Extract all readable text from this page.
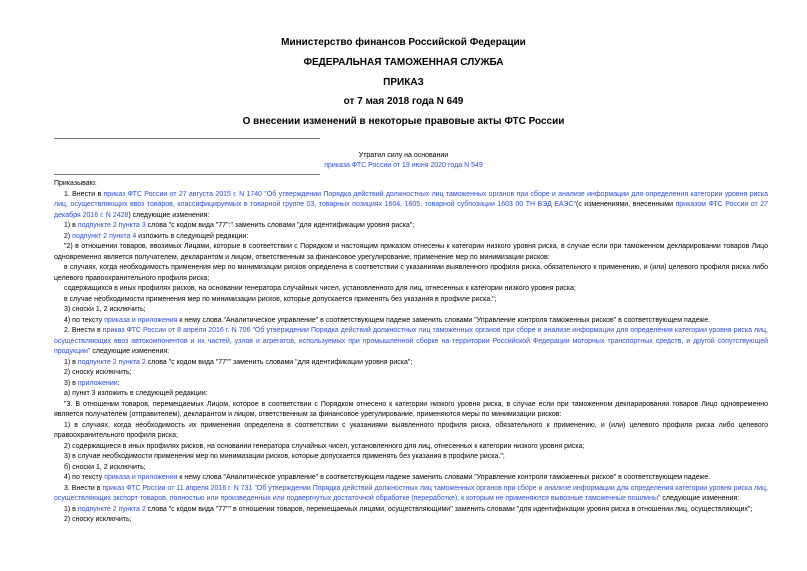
Министерство финансов Российской Федерации
ФЕДЕРАЛЬНАЯ ТАМОЖЕННАЯ СЛУЖБА
ПРИКАЗ
от 7 мая 2018 года N 649
О внесении изменений в некоторые правовые акты ФТС России
Утратил силу на основании
приказа ФТС России от 19 июня 2020 года N 549

Приказываю:

1. Внести в приказ ФТС России от 27 августа 2015 г. N 1740 "Об утверждении Порядка действий должностных лиц таможенных органов при сборе и анализе информации для определения категории уровня риска лиц, осуществляющих ввоз товаров, классифицируемых в товарной группе 03, товарных позициях 1604, 1605, товарной субпозиции 1603 00 ТН ВЭД ЕАЭС"(с изменениями, внесенными приказом ФТС России от 27 декабря 2016 г. N 2428) следующие изменения:

1) в подпункте 2 пункта 3 слова "с кодом вида "77":" заменить словами "для идентификации уровня риска";

2) подпункт 2 пункта 4 изложить в следующей редакции:

"2) в отношении товаров, ввозимых Лицами, которые в соответствии с Порядком и настоящим приказом отнесены к категории низкого уровня риска, в случае если при таможенном декларировании товаров Лицо одновременно является получателем, декларантом и лицом, ответственным за финансовое урегулирование, применение мер по минимизации рисков:

в случаях, когда необходимость применения мер по минимизации рисков определена в соответствии с указаниями выявленного профиля риска, обязательного к применению, и (или) целевого профиля риска либо целевого правоохранительного профиля риска;

содержащихся в иных профилях рисков, на основании генератора случайных чисел, установленного для лиц, отнесенных к категории низкого уровня риска;

в случае необходимости применения мер по минимизации рисков, которые допускается применять без указания в профиле риска.";

3) сноски 1, 2 исключить;

4) по тексту приказа и приложения к нему слова "Аналитическое управление" в соответствующем падеже заменить словами "Управление контроля таможенных рисков" в соответствующем падеже.

2. Внести в приказ ФТС России от 8 апреля 2016 г. N 706 "Об утверждении Порядка действий должностных лиц таможенных органов при сборе и анализе информации для определения категории уровня риска лиц, осуществляющих ввоз автокомпонентов и их частей, узлов и агрегатов, используемых при промышленной сборке на территории Российской Федерации моторных транспортных средств, и другой сопутствующей продукции" следующие изменения:

1) в подпункте 2 пункта 2 слова "с кодом вида "77"" заменить словами "для идентификации уровня риска";

2) сноску исключить;

3) в приложении:

а) пункт 3 изложить в следующей редакции:

"3. В отношении товаров, перемещаемых Лицом, которое в соответствии с Порядком отнесено к категории низкого уровня риска, в случае если при таможенном декларировании товаров Лицо одновременно является получателем (отправителем), декларантом и лицом, ответственным за финансовое урегулирование, применяются меры по минимизации рисков:

1) в случаях, когда необходимость их применения определена в соответствии с указаниями выявленного профиля риска, обязательного к применению, и (или) целевого профиля риска либо целевого правоохранительного профиля риска;

2) содержащиеся в иных профилях рисков, на основании генератора случайных чисел, установленного для лиц, отнесенных к категории низкого уровня риска;

3) в случае необходимости применения мер по минимизации рисков, которые допускается применять без указания в профиле риска.";

б) сноски 1, 2 исключить;

4) по тексту приказа и приложения к нему слова "Аналитическое управление" в соответствующем падеже заменить словами "Управление контроля таможенных рисков" в соответствующем падеже.

3. Внести в приказ ФТС России от 11 апреля 2016 г. N 731 "Об утверждении Порядка действий должностных лиц таможенных органов при сборе и анализе информации для определения категории уровня риска лиц, осуществляющих экспорт товаров, полностью или произведенных или подвергнутых достаточной обработке (переработке), к которым не применяются вывозные таможенные пошлины" следующие изменения:

1) в подпункте 2 пункта 2 слова "с кодом вида "77"" в отношении товаров, перемещаемых лицами, осуществляющими" заменить словами "для идентификации уровня риска в отношении лиц, осуществляющих";

2) сноску исключить;
